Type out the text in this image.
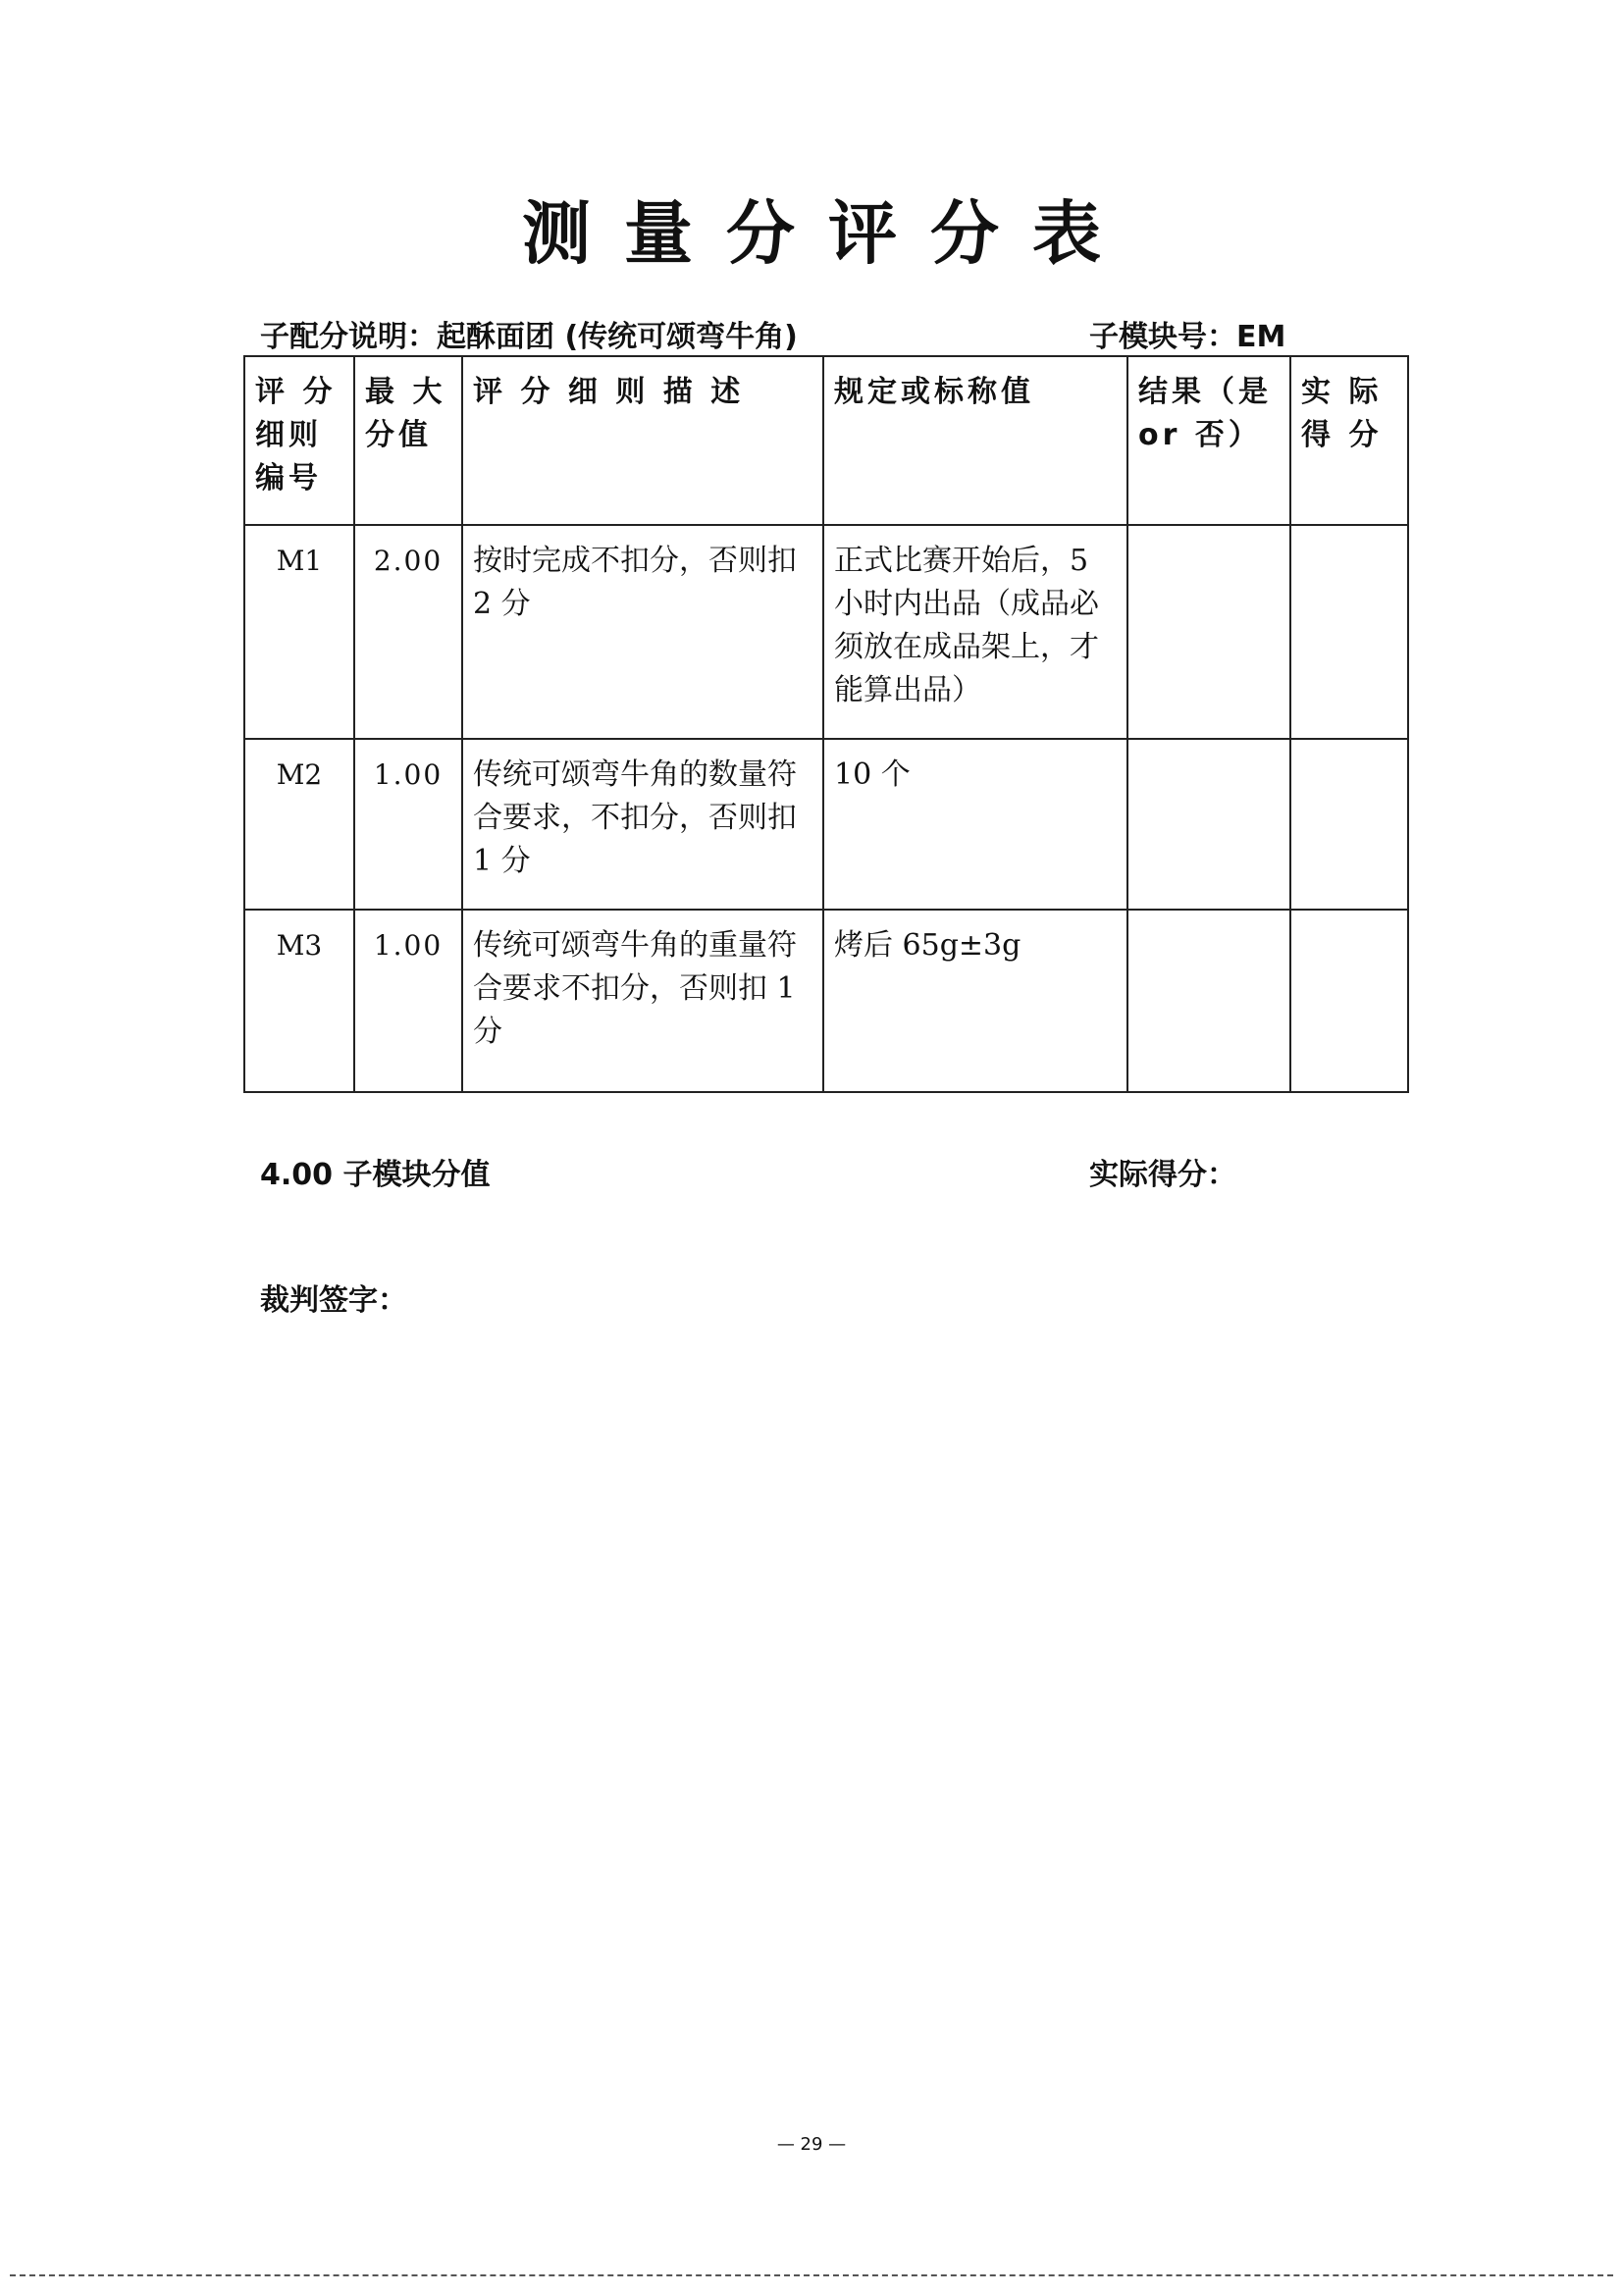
测量分评分表
子配分说明：起酥面团 (传统可颂弯牛角)	子模块号：EM
评 分 细则 编号	最 大 分值	评 分 细 则 描 述	规定或标称值	结果（是 or 否）	实 际 得 分
M1	2.00	按时完成不扣分，否则扣 2 分	正式比赛开始后，5 小时内出品（成品必须放在成品架上，才能算出品）		
M2	1.00	传统可颂弯牛角的数量符合要求，不扣分，否则扣 1 分	10 个		
M3	1.00	传统可颂弯牛角的重量符合要求不扣分，否则扣 1 分	烤后 65g±3g		
4.00 子模块分值	实际得分：
裁判签字：
— 29 —
